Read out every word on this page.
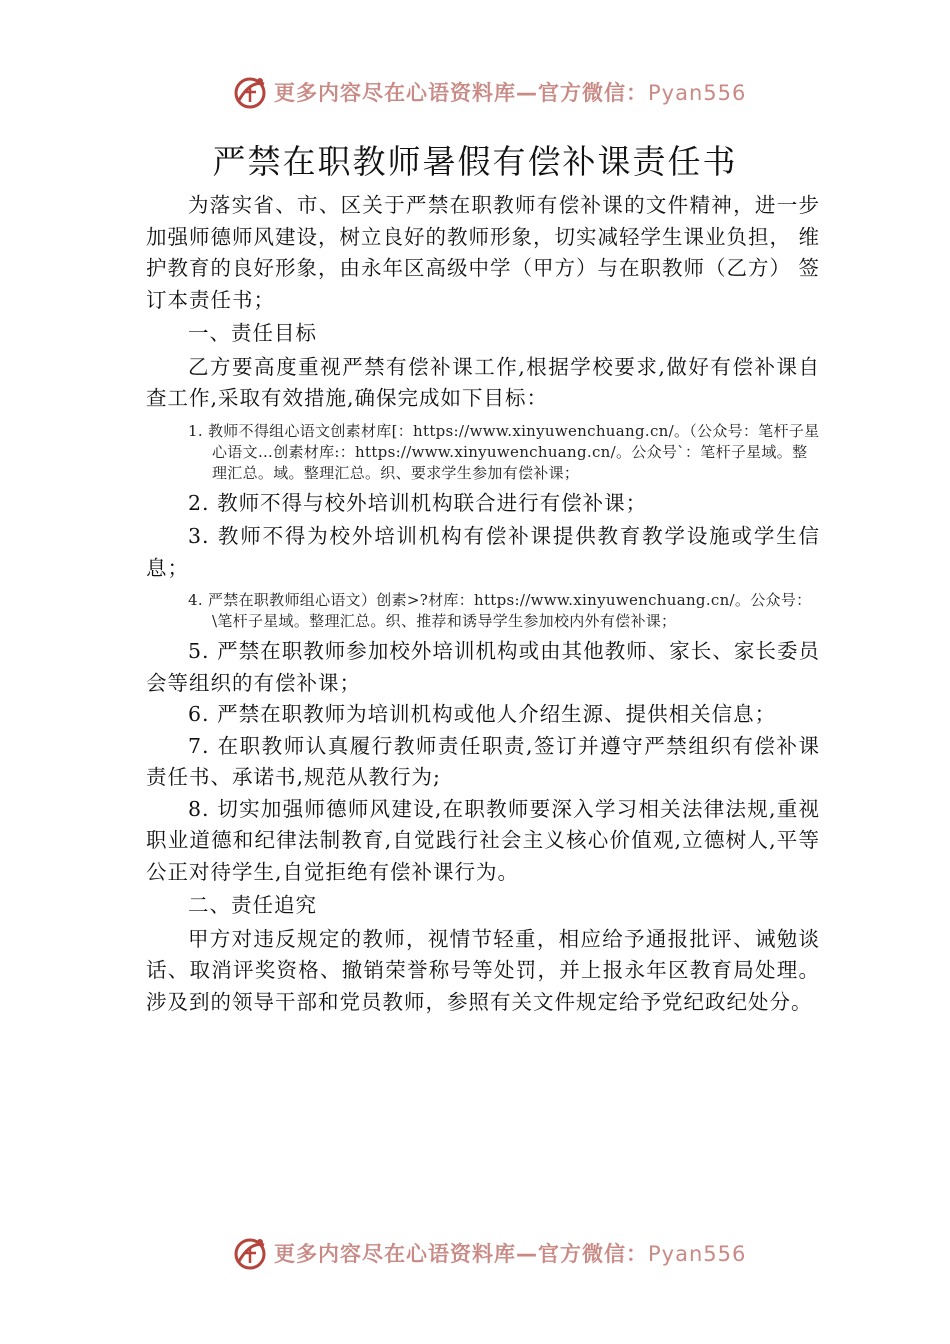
更多内容尽在心语资料库—官方微信：Pyan556
严禁在职教师暑假有偿补课责任书

为落实省、市、区关于严禁在职教师有偿补课的文件精神，进一步加强师德师风建设，树立良好的教师形象，切实减轻学生课业负担， 维护教育的良好形象，由永年区高级中学（甲方）与在职教师（乙方） 签订本责任书；

一、责任目标

乙方要高度重视严禁有偿补课工作,根据学校要求,做好有偿补课自查工作,采取有效措施,确保完成如下目标：

1. 教师不得组心语文创素材库[：https://www.xinyuwenchuang.cn/。（公众号：笔杆子星心语文…创素材库:：https://www.xinyuwenchuang.cn/。公众号`：笔杆子星域。整理汇总。域。整理汇总。织、要求学生参加有偿补课；

2. 教师不得与校外培训机构联合进行有偿补课；

3. 教师不得为校外培训机构有偿补课提供教育教学设施或学生信息；

4. 严禁在职教师组心语文）创素>?材库：https://www.xinyuwenchuang.cn/。公众号：\笔杆子星域。整理汇总。织、推荐和诱导学生参加校内外有偿补课；

5. 严禁在职教师参加校外培训机构或由其他教师、家长、家长委员会等组织的有偿补课；

6. 严禁在职教师为培训机构或他人介绍生源、提供相关信息；

7. 在职教师认真履行教师责任职责,签订并遵守严禁组织有偿补课责任书、承诺书,规范从教行为;

8. 切实加强师德师风建设,在职教师要深入学习相关法律法规,重视职业道德和纪律法制教育,自觉践行社会主义核心价值观,立德树人,平等公正对待学生,自觉拒绝有偿补课行为。

二、责任追究

甲方对违反规定的教师，视情节轻重，相应给予通报批评、诫勉谈话、取消评奖资格、撤销荣誉称号等处罚，并上报永年区教育局处理。涉及到的领导干部和党员教师，参照有关文件规定给予党纪政纪处分。

更多内容尽在心语资料库—官方微信：Pyan556
